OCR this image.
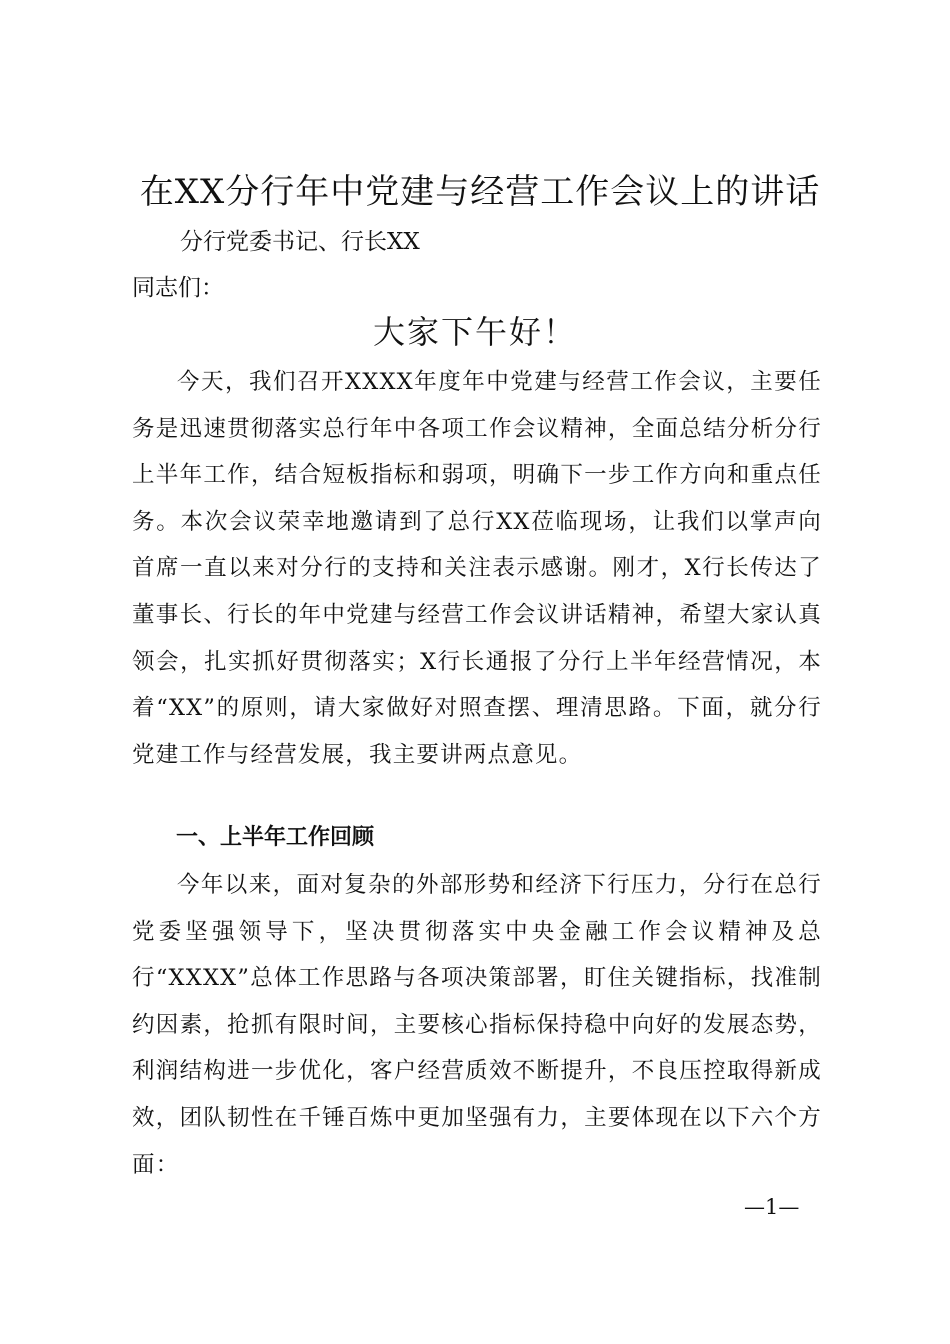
在XX分行年中党建与经营工作会议上的讲话
分行党委书记、行长XX
同志们：
大家下午好！

今天，我们召开XXXX年度年中党建与经营工作会议，主要任务是迅速贯彻落实总行年中各项工作会议精神，全面总结分析分行上半年工作，结合短板指标和弱项，明确下一步工作方向和重点任务。本次会议荣幸地邀请到了总行XX莅临现场，让我们以掌声向首席一直以来对分行的支持和关注表示感谢。刚才，X行长传达了董事长、行长的年中党建与经营工作会议讲话精神，希望大家认真领会，扎实抓好贯彻落实；X行长通报了分行上半年经营情况，本着“XX”的原则，请大家做好对照查摆、理清思路。下面，就分行党建工作与经营发展，我主要讲两点意见。

一、上半年工作回顾

今年以来，面对复杂的外部形势和经济下行压力，分行在总行党委坚强领导下，坚决贯彻落实中央金融工作会议精神及总行“XXXX”总体工作思路与各项决策部署，盯住关键指标，找准制约因素，抢抓有限时间，主要核心指标保持稳中向好的发展态势，利润结构进一步优化，客户经营质效不断提升，不良压控取得新成效，团队韧性在千锤百炼中更加坚强有力，主要体现在以下六个方面：

—1—
